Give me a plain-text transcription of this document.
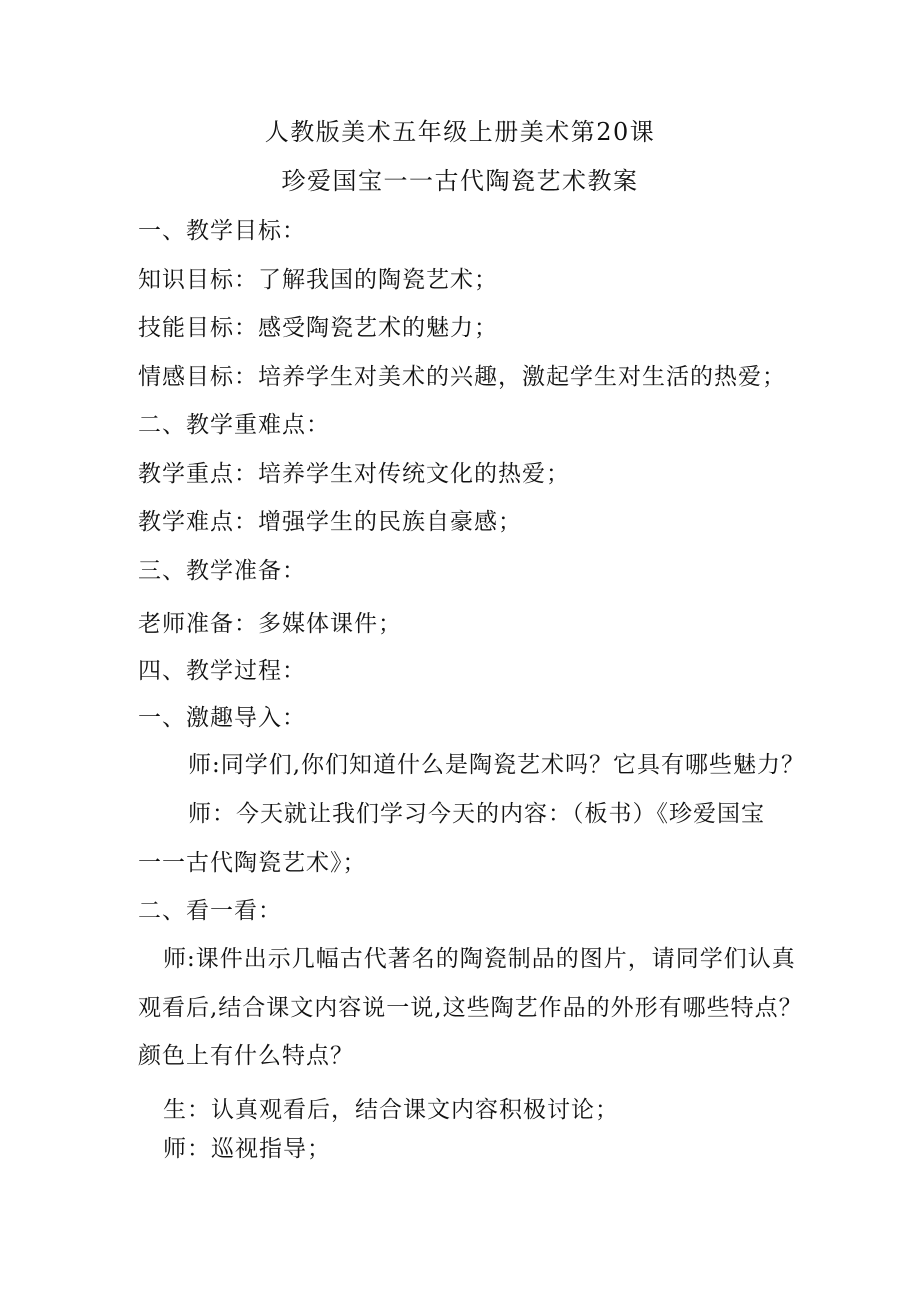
人教版美术五年级上册美术第20课
珍爱国宝一一古代陶瓷艺术教案
一、教学目标：
知识目标：了解我国的陶瓷艺术；
技能目标：感受陶瓷艺术的魅力；
情感目标：培养学生对美术的兴趣，激起学生对生活的热爱；
二、教学重难点：
教学重点：培养学生对传统文化的热爱；
教学难点：增强学生的民族自豪感；
三、教学准备：
老师准备：多媒体课件；
四、教学过程：
一、激趣导入：
师:同学们,你们知道什么是陶瓷艺术吗？它具有哪些魅力？
师：今天就让我们学习今天的内容：（板书）《珍爱国宝
一一古代陶瓷艺术》；
二、看一看：
师:课件出示几幅古代著名的陶瓷制品的图片，请同学们认真
观看后,结合课文内容说一说,这些陶艺作品的外形有哪些特点？
颜色上有什么特点？
生：认真观看后，结合课文内容积极讨论；
师：巡视指导；
